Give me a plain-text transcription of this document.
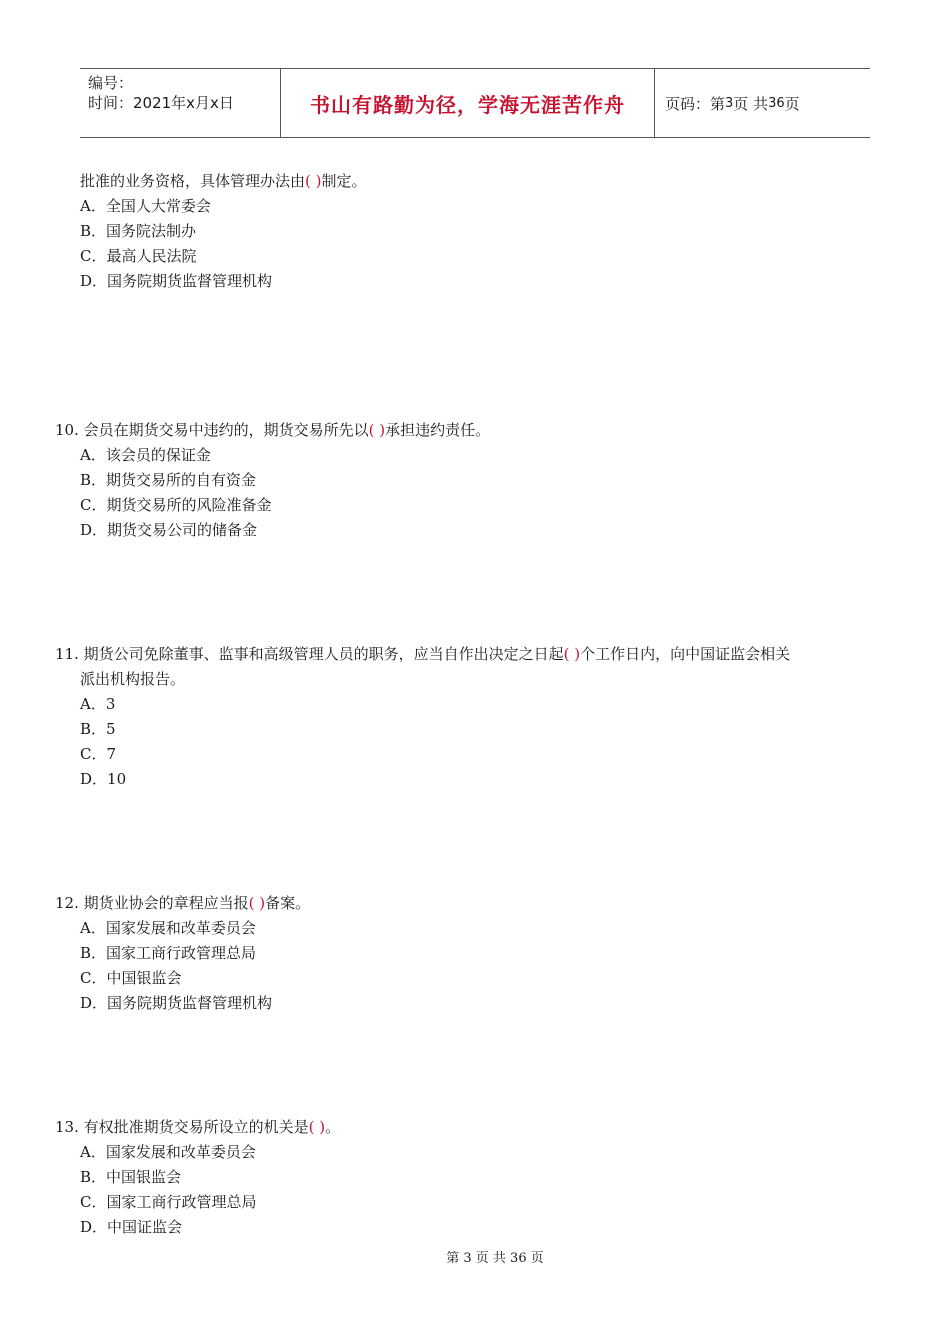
编号：
时间：2021年x月x日	书山有路勤为径，学海无涯苦作舟	页码：第 3 页 共 36 页
批准的业务资格，具体管理办法由( )制定。
A．全国人大常委会
B．国务院法制办
C．最高人民法院
D．国务院期货监督管理机构
10. 会员在期货交易中违约的，期货交易所先以( )承担违约责任。
A．该会员的保证金
B．期货交易所的自有资金
C．期货交易所的风险准备金
D．期货交易公司的储备金
11. 期货公司免除董事、监事和高级管理人员的职务，应当自作出决定之日起( )个工作日内，向中国证监会相关
派出机构报告。
A．3
B．5
C．7
D．10
12. 期货业协会的章程应当报( )备案。
A．国家发展和改革委员会
B．国家工商行政管理总局
C．中国银监会
D．国务院期货监督管理机构
13. 有权批准期货交易所设立的机关是( )。
A．国家发展和改革委员会
B．中国银监会
C．国家工商行政管理总局
D．中国证监会
第 3 页 共 36 页
